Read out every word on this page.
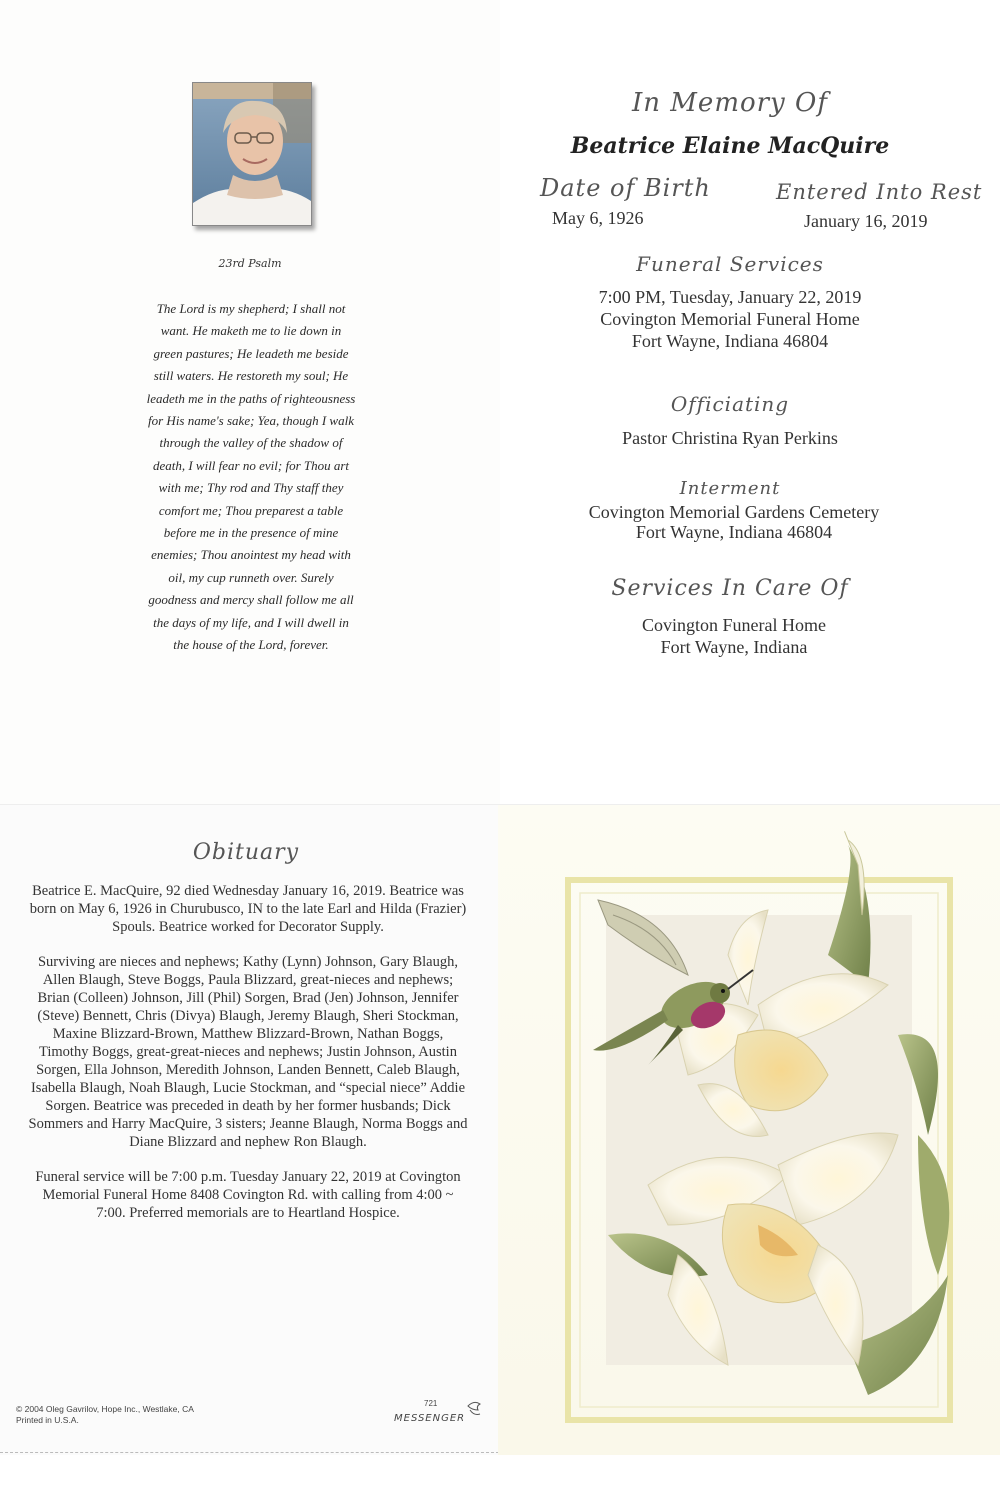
23rd Psalm
The Lord is my shepherd; I shall not want. He maketh me to lie down in green pastures; He leadeth me beside still waters. He restoreth my soul; He leadeth me in the paths of righteousness for His name's sake; Yea, though I walk through the valley of the shadow of death, I will fear no evil; for Thou art with me; Thy rod and Thy staff they comfort me; Thou preparest a table before me in the presence of mine enemies; Thou anointest my head with oil, my cup runneth over. Surely goodness and mercy shall follow me all the days of my life, and I will dwell in the house of the Lord, forever.
In Memory Of
Beatrice Elaine MacQuire
Date of Birth
May 6, 1926
Entered Into Rest
January 16, 2019
Funeral Services
7:00 PM, Tuesday, January 22, 2019
Covington Memorial Funeral Home
Fort Wayne, Indiana 46804
Officiating
Pastor Christina Ryan Perkins
Interment
Covington Memorial Gardens Cemetery
Fort Wayne, Indiana 46804
Services In Care Of
Covington Funeral Home
Fort Wayne, Indiana
Obituary

Beatrice E. MacQuire, 92 died Wednesday January 16, 2019. Beatrice was born on May 6, 1926 in Churubusco, IN to the late Earl and Hilda (Frazier) Spouls. Beatrice worked for Decorator Supply.

Surviving are nieces and nephews; Kathy (Lynn) Johnson, Gary Blaugh, Allen Blaugh, Steve Boggs, Paula Blizzard, great-nieces and nephews; Brian (Colleen) Johnson, Jill (Phil) Sorgen, Brad (Jen) Johnson, Jennifer (Steve) Bennett, Chris (Divya) Blaugh, Jeremy Blaugh, Sheri Stockman, Maxine Blizzard-Brown, Matthew Blizzard-Brown, Nathan Boggs, Timothy Boggs, great-great-nieces and nephews; Justin Johnson, Austin Sorgen, Ella Johnson, Meredith Johnson, Landen Bennett, Caleb Blaugh, Isabella Blaugh, Noah Blaugh, Lucie Stockman, and “special niece” Addie Sorgen. Beatrice was preceded in death by her former husbands; Dick Sommers and Harry MacQuire, 3 sisters; Jeanne Blaugh, Norma Boggs and Diane Blizzard and nephew Ron Blaugh.

Funeral service will be 7:00 p.m. Tuesday January 22, 2019 at Covington Memorial Funeral Home 8408 Covington Rd. with calling from 4:00 ~ 7:00. Preferred memorials are to Heartland Hospice.

© 2004 Oleg Gavrilov, Hope Inc., Westlake, CA
Printed in U.S.A.
721
MESSENGER
